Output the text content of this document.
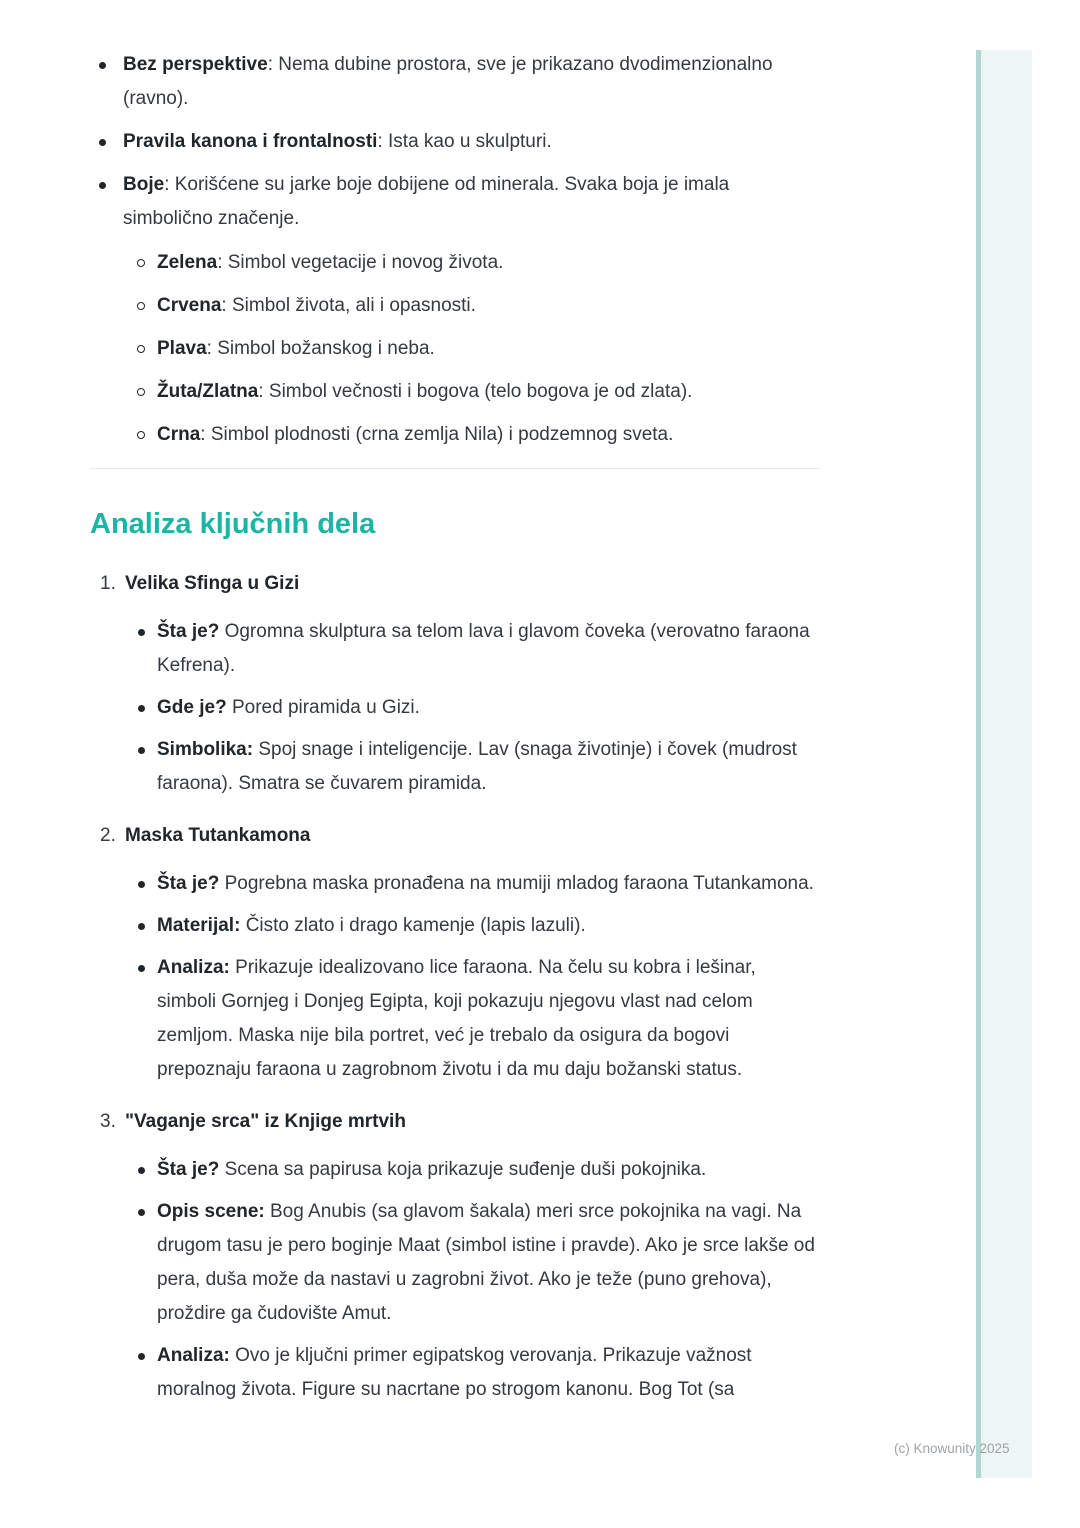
Bez perspektive: Nema dubine prostora, sve je prikazano dvodimenzionalno (ravno).
Pravila kanona i frontalnosti: Ista kao u skulpturi.
Boje: Korišćene su jarke boje dobijene od minerala. Svaka boja je imala simbolično značenje.
Zelena: Simbol vegetacije i novog života.
Crvena: Simbol života, ali i opasnosti.
Plava: Simbol božanskog i neba.
Žuta/Zlatna: Simbol večnosti i bogova (telo bogova je od zlata).
Crna: Simbol plodnosti (crna zemlja Nila) i podzemnog sveta.
Analiza ključnih dela
1. Velika Sfinga u Gizi
Šta je? Ogromna skulptura sa telom lava i glavom čoveka (verovatno faraona Kefrena).
Gde je? Pored piramida u Gizi.
Simbolika: Spoj snage i inteligencije. Lav (snaga životinje) i čovek (mudrost faraona). Smatra se čuvarem piramida.
2. Maska Tutankamona
Šta je? Pogrebna maska pronađena na mumiji mladog faraona Tutankamona.
Materijal: Čisto zlato i drago kamenje (lapis lazuli).
Analiza: Prikazuje idealizovano lice faraona. Na čelu su kobra i lešinar, simboli Gornjeg i Donjeg Egipta, koji pokazuju njegovu vlast nad celom zemljom. Maska nije bila portret, već je trebalo da osigura da bogovi prepoznaju faraona u zagrobnom životu i da mu daju božanski status.
3. "Vaganje srca" iz Knjige mrtvih
Šta je? Scena sa papirusa koja prikazuje suđenje duši pokojnika.
Opis scene: Bog Anubis (sa glavom šakala) meri srce pokojnika na vagi. Na drugom tasu je pero boginje Maat (simbol istine i pravde). Ako je srce lakše od pera, duša može da nastavi u zagrobni život. Ako je teže (puno grehova), proždire ga čudovište Amut.
Analiza: Ovo je ključni primer egipatskog verovanja. Prikazuje važnost moralnog života. Figure su nacrtane po strogom kanonu. Bog Tot (sa
(c) Knowunity 2025
